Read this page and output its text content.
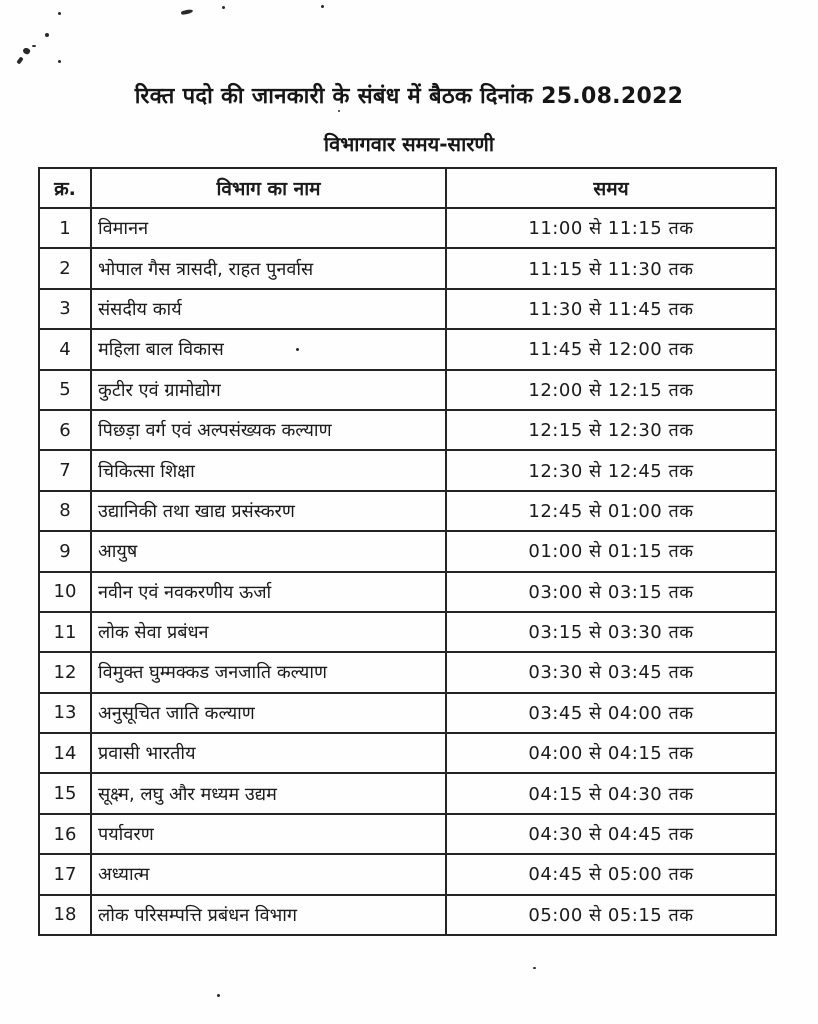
रिक्त पदो की जानकारी के संबंध में बैठक दिनांक 25.08.2022
विभागवार समय-सारणी
क्र.	विभाग का नाम	समय
1	विमानन	11:00 से 11:15 तक
2	भोपाल गैस त्रासदी, राहत पुनर्वास	11:15 से 11:30 तक
3	संसदीय कार्य	11:30 से 11:45 तक
4	महिला बाल विकास	11:45 से 12:00 तक
5	कुटीर एवं ग्रामोद्योग	12:00 से 12:15 तक
6	पिछड़ा वर्ग एवं अल्पसंख्यक कल्याण	12:15 से 12:30 तक
7	चिकित्सा शिक्षा	12:30 से 12:45 तक
8	उद्यानिकी तथा खाद्य प्रसंस्करण	12:45 से 01:00 तक
9	आयुष	01:00 से 01:15 तक
10	नवीन एवं नवकरणीय ऊर्जा	03:00 से 03:15 तक
11	लोक सेवा प्रबंधन	03:15 से 03:30 तक
12	विमुक्त घुम्मक्कड जनजाति कल्याण	03:30 से 03:45 तक
13	अनुसूचित जाति कल्याण	03:45 से 04:00 तक
14	प्रवासी भारतीय	04:00 से 04:15 तक
15	सूक्ष्म, लघु और मध्यम उद्यम	04:15 से 04:30 तक
16	पर्यावरण	04:30 से 04:45 तक
17	अध्यात्म	04:45 से 05:00 तक
18	लोक परिसम्पत्ति प्रबंधन विभाग	05:00 से 05:15 तक
